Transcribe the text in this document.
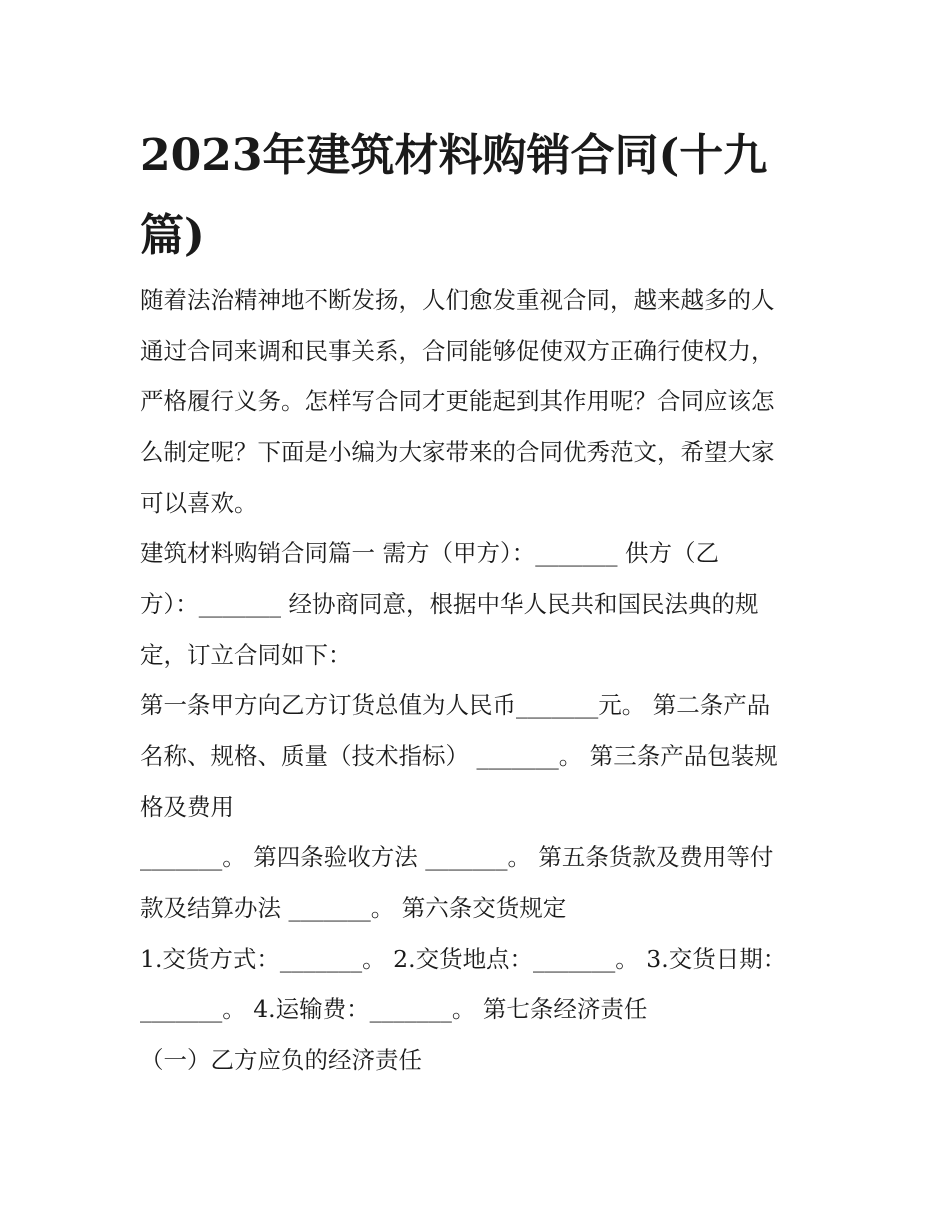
2023年建筑材料购销合同(十九篇)

随着法治精神地不断发扬，人们愈发重视合同，越来越多的人

通过合同来调和民事关系，合同能够促使双方正确行使权力，

严格履行义务。怎样写合同才更能起到其作用呢？合同应该怎

么制定呢？下面是小编为大家带来的合同优秀范文，希望大家

可以喜欢。

建筑材料购销合同篇一 需方（甲方）：_______ 供方（乙

方）：_______ 经协商同意，根据中华人民共和国民法典的规

定，订立合同如下：

第一条甲方向乙方订货总值为人民币_______元。 第二条产品

名称、规格、质量（技术指标） _______。 第三条产品包装规

格及费用

_______。 第四条验收方法 _______。 第五条货款及费用等付

款及结算办法 _______。 第六条交货规定

1.交货方式：_______。 2.交货地点：_______。 3.交货日期：

_______。 4.运输费：_______。 第七条经济责任

（一）乙方应负的经济责任
